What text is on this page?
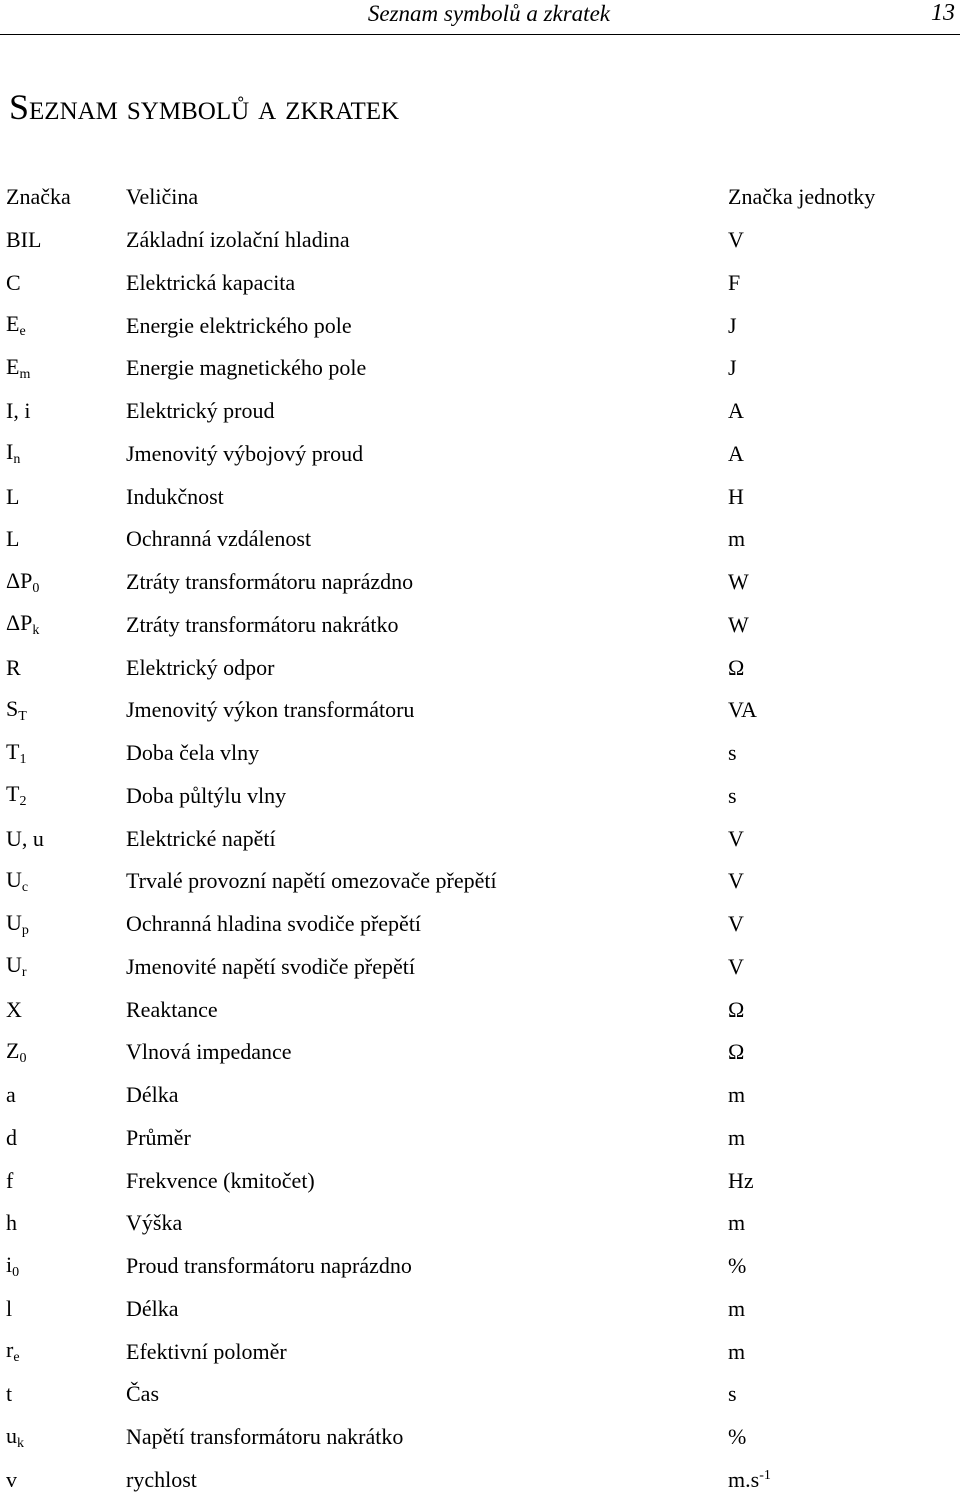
Seznam symbolů a zkratek	13
Seznam symbolů a zkratek
Značka	Veličina	Značka jednotky
BIL	Základní izolační hladina	V
C	Elektrická kapacita	F
$E_e$	Energie elektrického pole	J
$E_m$	Energie magnetického pole	J
I, i	Elektrický proud	A
$I_n$	Jmenovitý výbojový proud	A
L	Indukčnost	H
L	Ochranná vzdálenost	m
$\Delta P_0$	Ztráty transformátoru naprázdno	W
$\Delta P_k$	Ztráty transformátoru nakrátko	W
R	Elektrický odpor	Ω
$S_T$	Jmenovitý výkon transformátoru	VA
$T_1$	Doba čela vlny	s
$T_2$	Doba půltýlu vlny	s
U, u	Elektrické napětí	V
$U_c$	Trvalé provozní napětí omezovače přepětí	V
$U_p$	Ochranná hladina svodiče přepětí	V
$U_r$	Jmenovité napětí svodiče přepětí	V
X	Reaktance	Ω
$Z_0$	Vlnová impedance	Ω
a	Délka	m
d	Průměr	m
f	Frekvence (kmitočet)	Hz
h	Výška	m
$i_0$	Proud transformátoru naprázdno	%
l	Délka	m
$r_e$	Efektivní poloměr	m
t	Čas	s
$u_k$	Napětí transformátoru nakrátko	%
v	rychlost	$m.s^{-1}$
